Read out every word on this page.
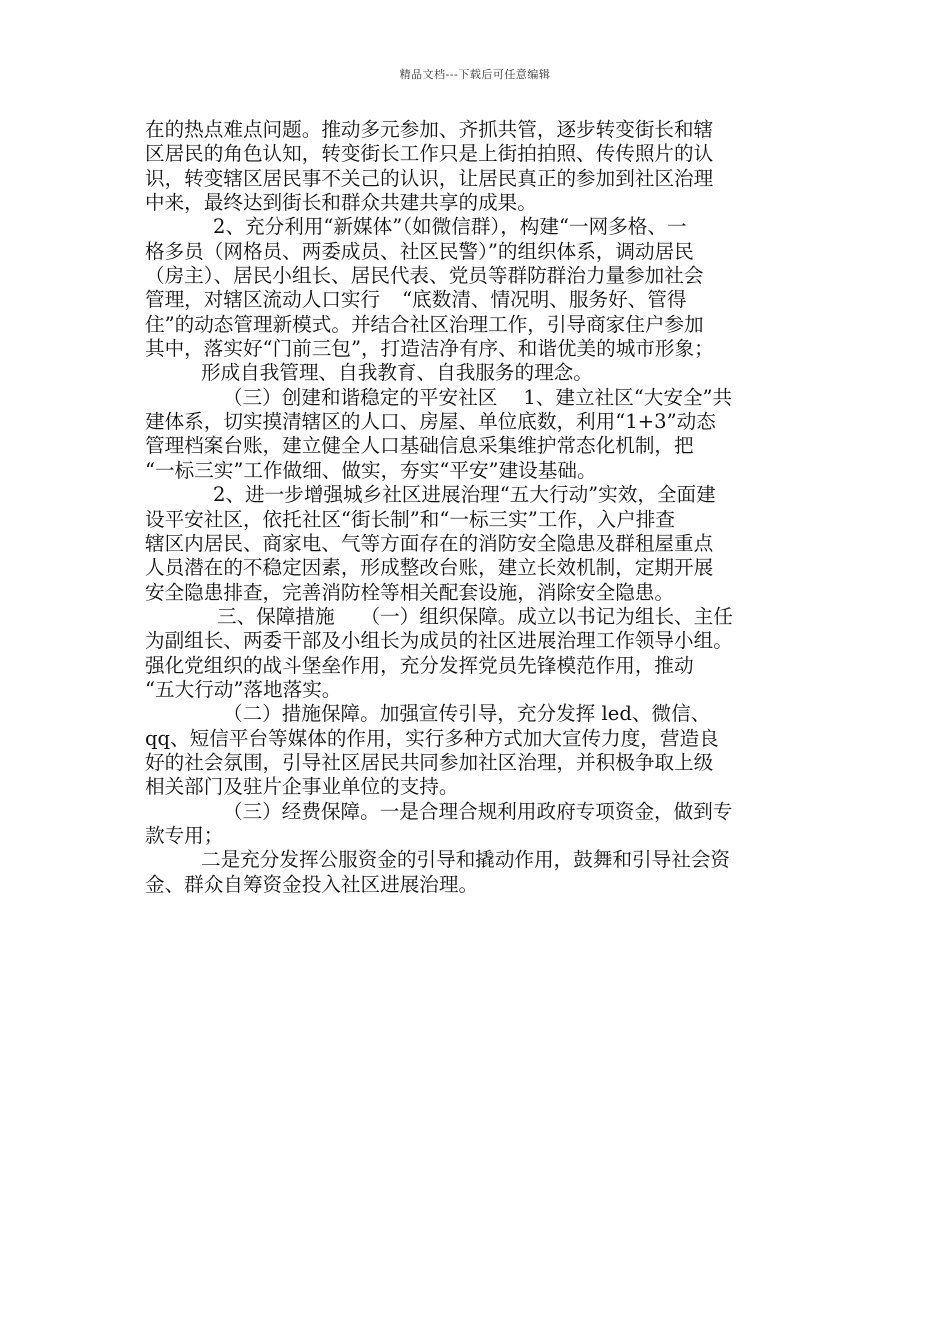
精品文档---下载后可任意编辑

在的热点难点问题。推动多元参加、齐抓共管，逐步转变街长和辖

区居民的角色认知，转变街长工作只是上街拍拍照、传传照片的认

识，转变辖区居民事不关己的认识，让居民真正的参加到社区治理

中来，最终达到街长和群众共建共享的成果。

2、充分利用“新媒体”（如微信群），构建“一网多格、一

格多员（网格员、两委成员、社区民警）”的组织体系，调动居民

（房主）、居民小组长、居民代表、党员等群防群治力量参加社会

管理，对辖区流动人口实行 “底数清、情况明、服务好、管得

住”的动态管理新模式。并结合社区治理工作，引导商家住户参加

其中，落实好“门前三包”，打造洁净有序、和谐优美的城市形象；

形成自我管理、自我教育、自我服务的理念。

（三）创建和谐稳定的平安社区 1、建立社区“大安全”共

建体系，切实摸清辖区的人口、房屋、单位底数，利用“1+3”动态

管理档案台账，建立健全人口基础信息采集维护常态化机制，把

“一标三实”工作做细、做实，夯实“平安”建设基础。

2、进一步增强城乡社区进展治理“五大行动”实效，全面建

设平安社区，依托社区“街长制”和“一标三实”工作，入户排查

辖区内居民、商家电、气等方面存在的消防安全隐患及群租屋重点

人员潜在的不稳定因素，形成整改台账，建立长效机制，定期开展

安全隐患排查，完善消防栓等相关配套设施，消除安全隐患。

三、保障措施 （一）组织保障。成立以书记为组长、主任

为副组长、两委干部及小组长为成员的社区进展治理工作领导小组。

强化党组织的战斗堡垒作用，充分发挥党员先锋模范作用，推动

“五大行动”落地落实。

（二）措施保障。加强宣传引导，充分发挥 led、微信、

qq、短信平台等媒体的作用，实行多种方式加大宣传力度，营造良

好的社会氛围，引导社区居民共同参加社区治理，并积极争取上级

相关部门及驻片企事业单位的支持。

（三）经费保障。一是合理合规利用政府专项资金，做到专

款专用；

二是充分发挥公服资金的引导和撬动作用，鼓舞和引导社会资

金、群众自筹资金投入社区进展治理。
